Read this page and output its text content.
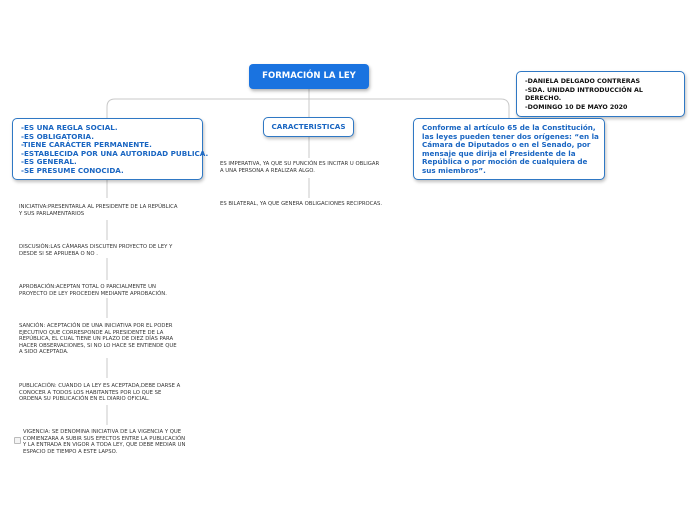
FORMACIÓN LA LEY
-DANIELA DELGADO CONTRERAS
-SDA. UNIDAD INTRODUCCIÓN AL
DERECHO.
-DOMINGO 10 DE MAYO 2020
-ES UNA REGLA SOCIAL.
-ES OBLIGATORIA.
-TIENE CARÁCTER PERMANENTE.
-ESTABLECIDA POR UNA AUTORIDAD PUBLICA.
-ES GENERAL.
-SE PRESUME CONOCIDA.
CARACTERISTICAS	Conforme al artículo 65 de la Constitución,
las leyes pueden tener dos orígenes: “en la
Cámara de Diputados o en el Senado, por
mensaje que dirija el Presidente de la
República o por moción de cualquiera de
sus miembros”.
ES IMPERATIVA, YA QUE SU FUNCIÓN ES INCITAR U OBLIGAR
A UNA PERSONA A REALIZAR ALGO.
ES BILATERAL, YA QUE GENERA OBLIGACIONES RECIPROCAS.
INICIATIVA:PRESENTARLA AL PRESIDENTE DE LA REPÚBLICA
Y SUS PARLAMENTARIOS
DISCUSIÓN:LAS CÁMARAS DISCUTEN PROYECTO DE LEY Y
DESDE SI SE APRUEBA O NO .
APROBACIÓN:ACEPTAN TOTAL O PARCIALMENTE UN
PROYECTO DE LEY PROCEDEN MEDIANTE APROBACIÓN.
SANCIÓN: ACEPTACIÓN DE UNA INICIATIVA POR EL PODER
EJECUTIVO QUE CORRESPONDE AL PRESIDENTE DE LA
REPÚBLICA, EL CUAL TIENE UN PLAZO DE DIEZ DÍAS PARA
HACER OBSERVACIONES, SI NO LO HACE SE ENTIENDE QUE
A SIDO ACEPTADA.
PUBLICACIÓN: CUANDO LA LEY ES ACEPTADA,DEBE DARSE A
CONOCER A TODOS LOS HABITANTES POR LO QUE SE
ORDENA SU PUBLICACIÓN EN EL DIARIO OFICIAL.
VIGENCIA: SE DENOMINA INICIATIVA DE LA VIGENCIA Y QUE
COMIENZARA A SUBIR SUS EFECTOS ENTRE LA PUBLICACIÓN
Y LA ENTRADA EN VIGOR A TODA LEY, QUE DEBE MEDIAR UN
ESPACIO DE TIEMPO A ESTE LAPSO.
